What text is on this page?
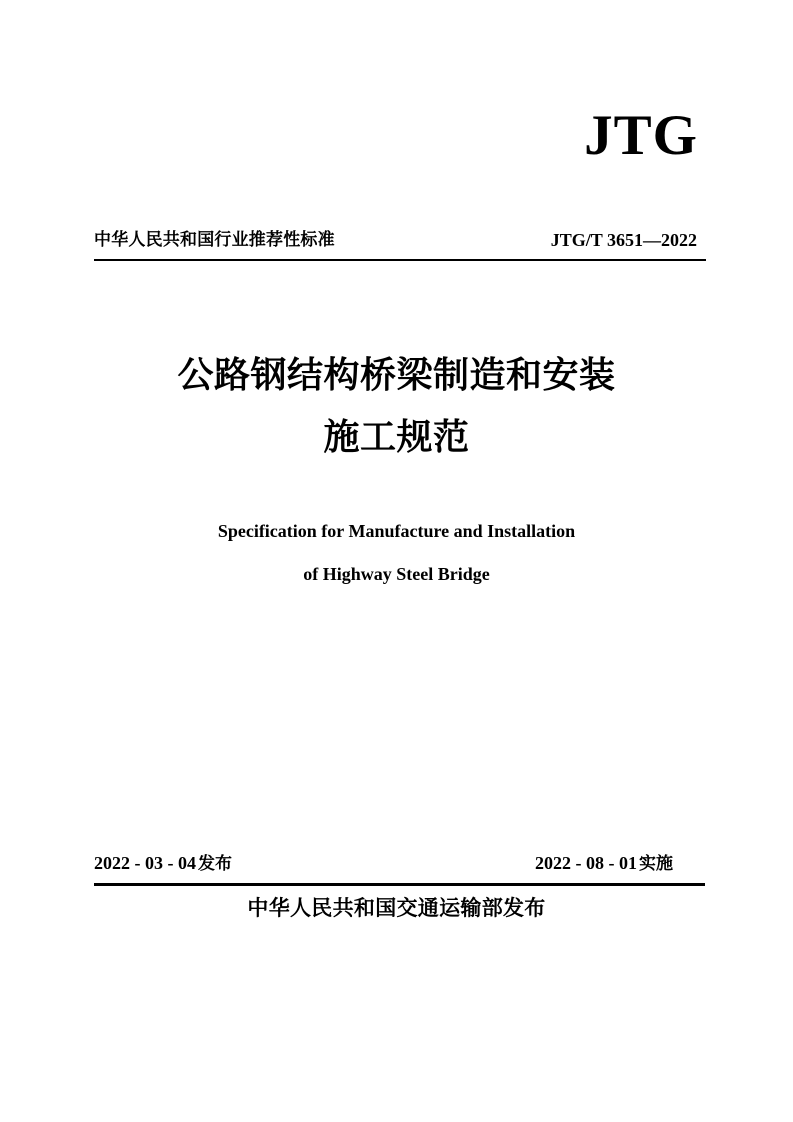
JTG
中华人民共和国行业推荐性标准	JTG/T 3651—2022
公路钢结构桥梁制造和安装
施工规范
Specification for Manufacture and Installation
of Highway Steel Bridge
2022 - 03 - 04 发布	2022 - 08 - 01 实施
中华人民共和国交通运输部发布
